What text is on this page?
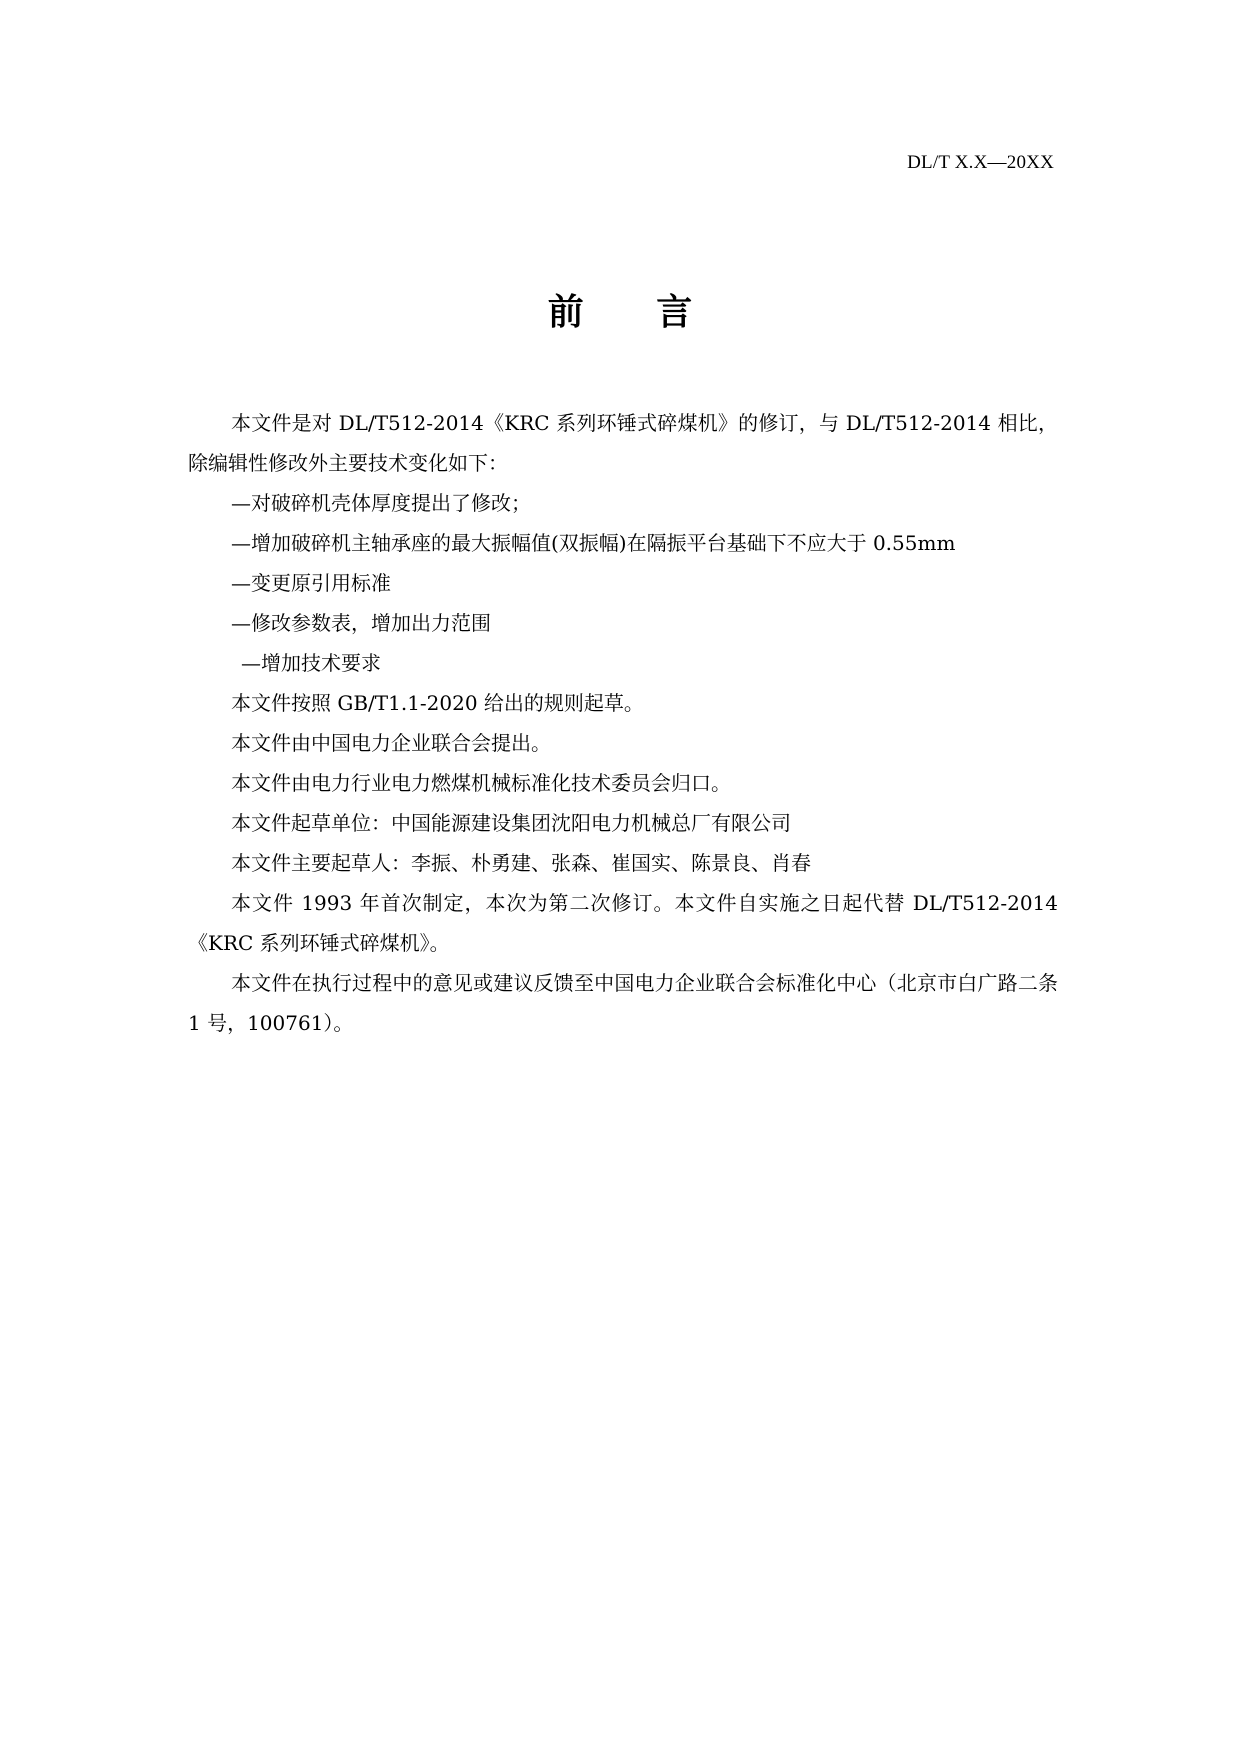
DL/T X.X—20XX
前 言

本文件是对 DL/T512-2014《KRC 系列环锤式碎煤机》的修订，与 DL/T512-2014 相比，除编辑性修改外主要技术变化如下：

—对破碎机壳体厚度提出了修改；

—增加破碎机主轴承座的最大振幅值(双振幅)在隔振平台基础下不应大于 0.55mm

—变更原引用标准

—修改参数表，增加出力范围

—增加技术要求

本文件按照 GB/T1.1-2020 给出的规则起草。

本文件由中国电力企业联合会提出。

本文件由电力行业电力燃煤机械标准化技术委员会归口。

本文件起草单位：中国能源建设集团沈阳电力机械总厂有限公司

本文件主要起草人：李振、朴勇建、张森、崔国实、陈景良、肖春

本文件 1993 年首次制定，本次为第二次修订。本文件自实施之日起代替 DL/T512-2014《KRC 系列环锤式碎煤机》。

本文件在执行过程中的意见或建议反馈至中国电力企业联合会标准化中心（北京市白广路二条 1 号，100761）。
